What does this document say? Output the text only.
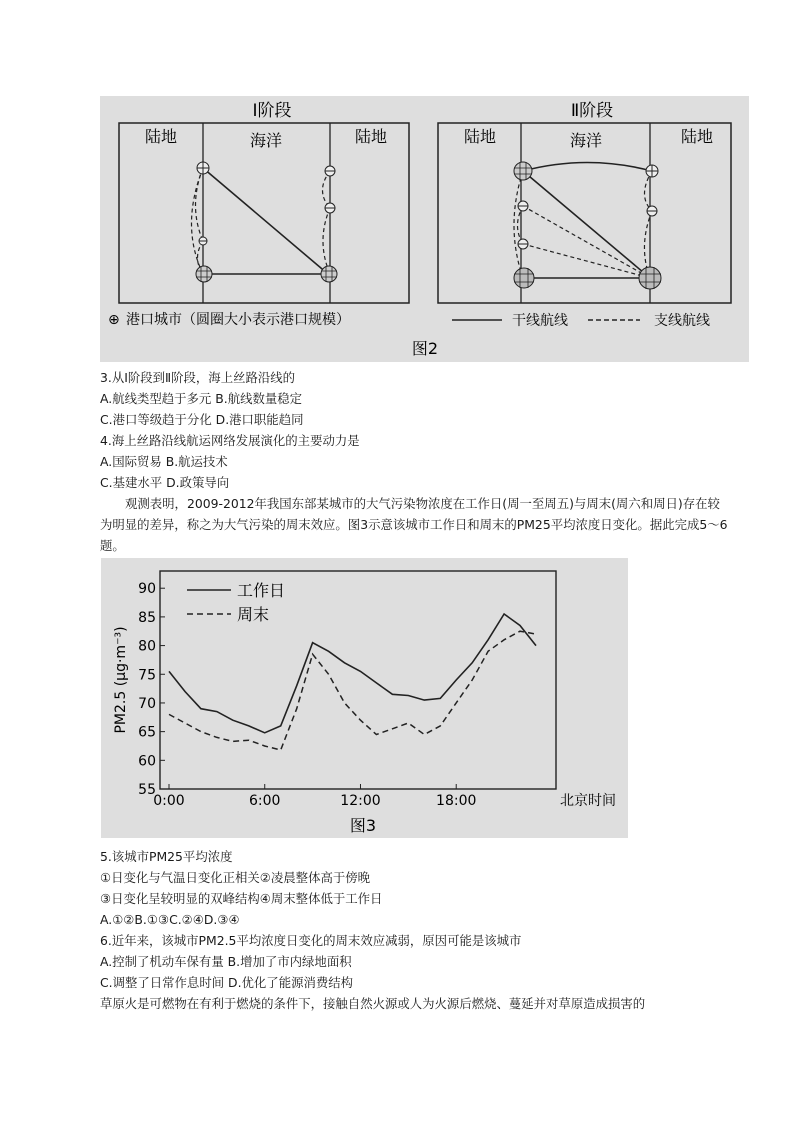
Ⅰ阶段
陆地	海洋	陆地
Ⅱ阶段
陆地	海洋	陆地
⊕ 港口城市（圆圈大小表示港口规模）	干线航线	支线航线
图2
3.从Ⅰ阶段到Ⅱ阶段，海上丝路沿线的
A.航线类型趋于多元 B.航线数量稳定
C.港口等级趋于分化 D.港口职能趋同
4.海上丝路沿线航运网络发展演化的主要动力是
A.国际贸易 B.航运技术
C.基建水平 D.政策导向
观测表明，2009-2012年我国东部某城市的大气污染物浓度在工作日(周一至周五)与周末(周六和周日)存在较为明显的差异，称之为大气污染的周末效应。图3示意该城市工作日和周末的PM25平均浓度日变化。据此完成5～6题。
55
60
65
70
75
80
85
90
0:00	6:00	12:00	18:00
工作日
周末
PM2.5 (μg·m⁻³)
北京时间
图3
5.该城市PM25平均浓度
①日变化与气温日变化正相关②凌晨整体高于傍晚
③日变化呈较明显的双峰结构④周末整体低于工作日
A.①②B.①③C.②④D.③④
6.近年来，该城市PM2.5平均浓度日变化的周末效应减弱，原因可能是该城市
A.控制了机动车保有量 B.增加了市内绿地面积
C.调整了日常作息时间 D.优化了能源消费结构
草原火是可燃物在有利于燃烧的条件下，接触自然火源或人为火源后燃烧、蔓延并对草原造成损害的
